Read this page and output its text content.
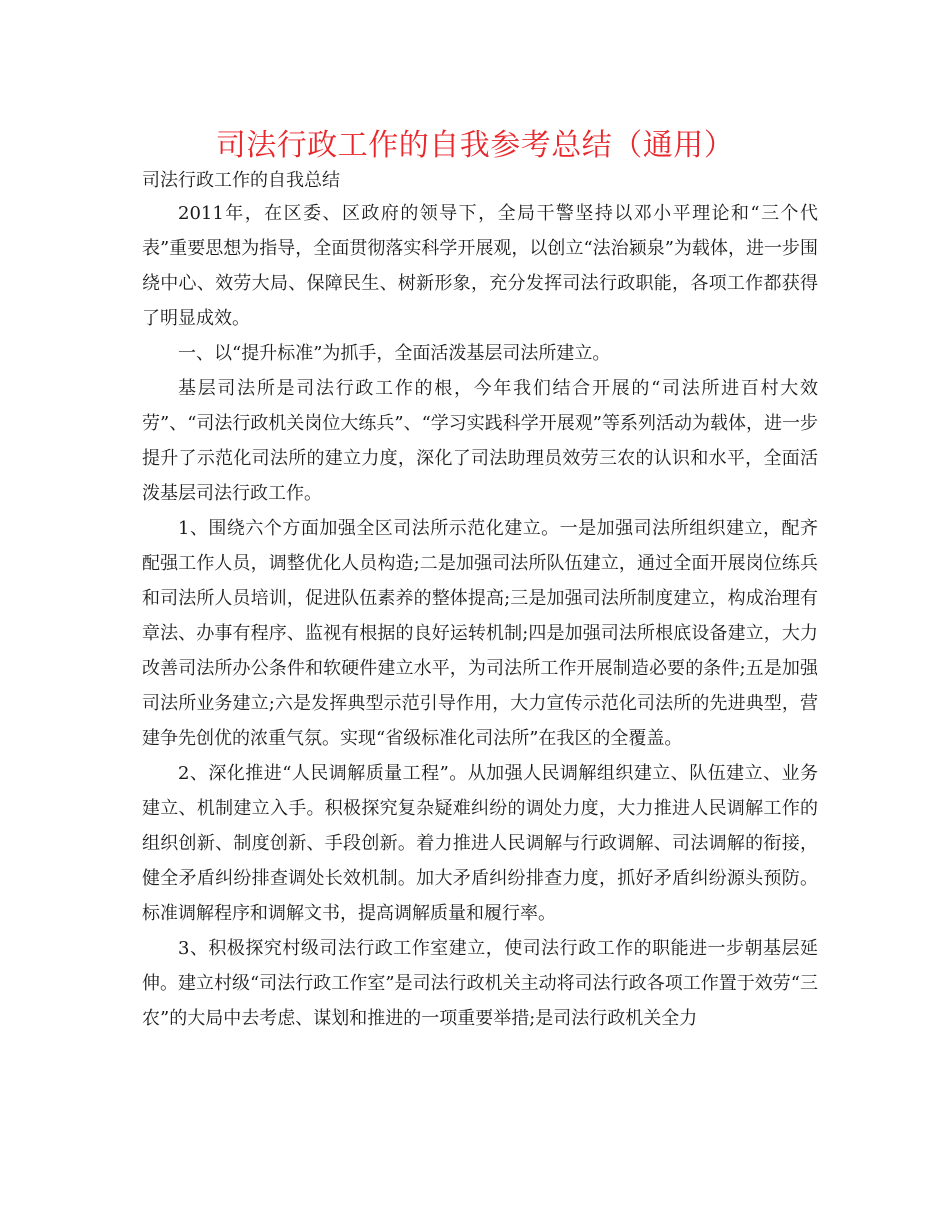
司法行政工作的自我参考总结（通用）

司法行政工作的自我总结

2011年，在区委、区政府的领导下，全局干警坚持以邓小平理论和“三个代表”重要思想为指导，全面贯彻落实科学开展观，以创立“法治颍泉”为载体，进一步围绕中心、效劳大局、保障民生、树新形象，充分发挥司法行政职能，各项工作都获得了明显成效。

一、以“提升标准”为抓手，全面活泼基层司法所建立。

基层司法所是司法行政工作的根，今年我们结合开展的“司法所进百村大效劳”、“司法行政机关岗位大练兵”、“学习实践科学开展观”等系列活动为载体，进一步提升了示范化司法所的建立力度，深化了司法助理员效劳三农的认识和水平，全面活泼基层司法行政工作。

1、围绕六个方面加强全区司法所示范化建立。一是加强司法所组织建立，配齐配强工作人员，调整优化人员构造;二是加强司法所队伍建立，通过全面开展岗位练兵和司法所人员培训，促进队伍素养的整体提高;三是加强司法所制度建立，构成治理有章法、办事有程序、监视有根据的良好运转机制;四是加强司法所根底设备建立，大力改善司法所办公条件和软硬件建立水平，为司法所工作开展制造必要的条件;五是加强司法所业务建立;六是发挥典型示范引导作用，大力宣传示范化司法所的先进典型，营建争先创优的浓重气氛。实现“省级标准化司法所”在我区的全覆盖。

2、深化推进“人民调解质量工程”。从加强人民调解组织建立、队伍建立、业务建立、机制建立入手。积极探究复杂疑难纠纷的调处力度，大力推进人民调解工作的组织创新、制度创新、手段创新。着力推进人民调解与行政调解、司法调解的衔接，健全矛盾纠纷排查调处长效机制。加大矛盾纠纷排查力度，抓好矛盾纠纷源头预防。标准调解程序和调解文书，提高调解质量和履行率。

3、积极探究村级司法行政工作室建立，使司法行政工作的职能进一步朝基层延伸。建立村级“司法行政工作室”是司法行政机关主动将司法行政各项工作置于效劳“三农”的大局中去考虑、谋划和推进的一项重要举措;是司法行政机关全力
